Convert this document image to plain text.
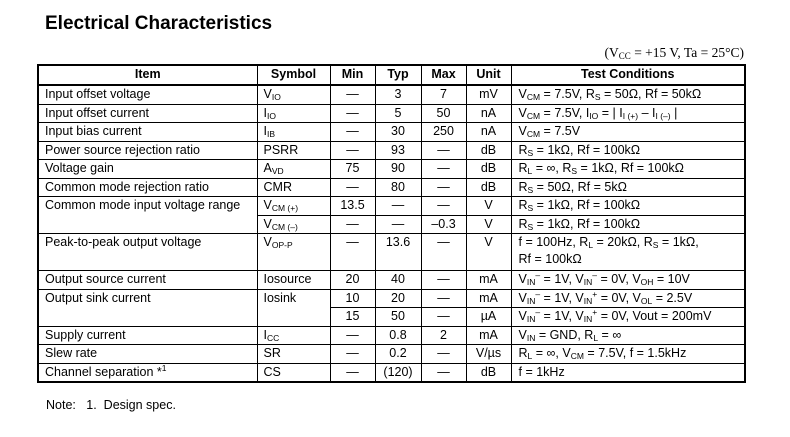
Electrical Characteristics
($V_{CC} = +15$ V, Ta = 25°C)
Item	Symbol	Min	Typ	Max	Unit	Test Conditions
Input offset voltage	$V_{IO}$	—	3	7	mV	$V_{CM} = 7.5V$, $R_S = 50\Omega$, Rf = 50kΩ
Input offset current	$I_{IO}$	—	5	50	nA	$V_{CM} = 7.5V$, $I_{IO}$ = | $I_{I (+)} - I_{I (-)}$ |
Input bias current	$I_{IB}$	—	30	250	nA	$V_{CM} = 7.5V$
Power source rejection ratio	PSRR	—	93	—	dB	$R_S = 1k\Omega$, Rf = 100kΩ
Voltage gain	$A_{VD}$	75	90	—	dB	$R_L$ = ∞, $R_S = 1k\Omega$, Rf = 100kΩ
Common mode rejection ratio	CMR	—	80	—	dB	$R_S = 50\Omega$, Rf = 5kΩ
Common mode input voltage range	$V_{CM (+)}$	13.5	—	—	V	$R_S = 1k\Omega$, Rf = 100kΩ
	$V_{CM (-)}$	—	—	–0.3	V	$R_S = 1k\Omega$, Rf = 100kΩ
Peak-to-peak output voltage	$V_{OP-P}$	—	13.6	—	V	f = 100Hz, $R_L = 20k\Omega$, $R_S = 1k\Omega$,
Rf = 100kΩ
Output source current	Iosource	20	40	—	mA	$V_{IN}^- = 1V$, $V_{IN}^- = 0V$, $V_{OH} = 10V$
Output sink current	Iosink	10	20	—	mA	$V_{IN}^- = 1V$, $V_{IN}^+ = 0V$, $V_{OL} = 2.5V$
		15	50	—	µA	$V_{IN}^- = 1V$, $V_{IN}^+ = 0V$, Vout = 200mV
Supply current	$I_{CC}$	—	0.8	2	mA	$V_{IN}$ = GND, $R_L$ = ∞
Slew rate	SR	—	0.2	—	V/µs	$R_L$ = ∞, $V_{CM} = 7.5V$, f = 1.5kHz
Channel separation *$^1$	CS	—	(120)	—	dB	f = 1kHz
Note:   1.  Design spec.
